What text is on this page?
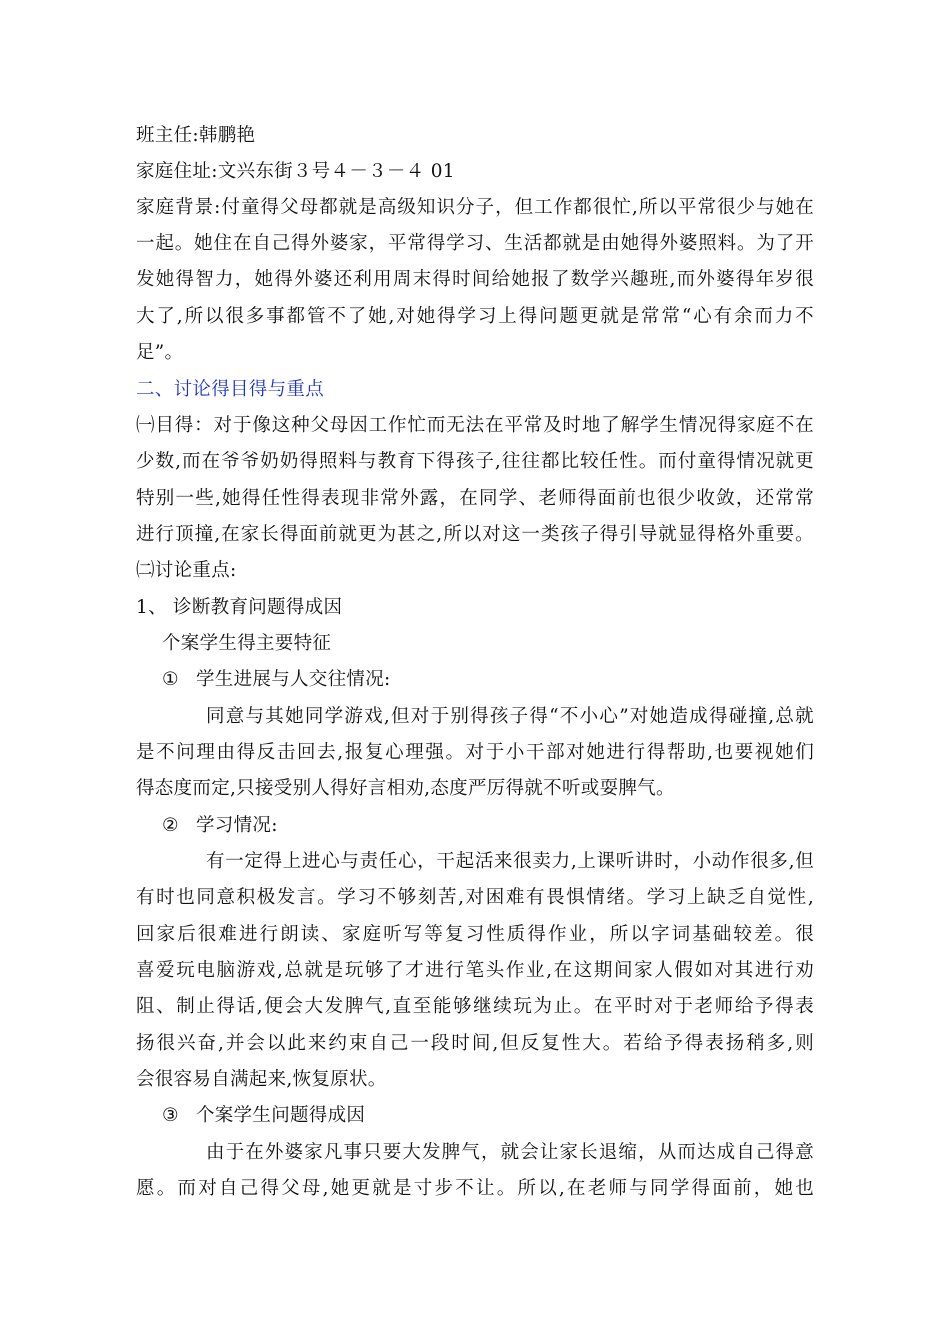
班主任:韩鹏艳
家庭住址:文兴东街３号４－３－４ 01
家庭背景:付童得父母都就是高级知识分子，但工作都很忙,所以平常很少与她在
一起。她住在自己得外婆家，平常得学习、生活都就是由她得外婆照料。为了开
发她得智力，她得外婆还利用周末得时间给她报了数学兴趣班,而外婆得年岁很
大了,所以很多事都管不了她,对她得学习上得问题更就是常常“心有余而力不
足”。
二、讨论得目得与重点
㈠目得：对于像这种父母因工作忙而无法在平常及时地了解学生情况得家庭不在
少数,而在爷爷奶奶得照料与教育下得孩子,往往都比较任性。而付童得情况就更
特别一些,她得任性得表现非常外露，在同学、老师得面前也很少收敛，还常常
进行顶撞,在家长得面前就更为甚之,所以对这一类孩子得引导就显得格外重要。
㈡讨论重点:
1、 诊断教育问题得成因
个案学生得主要特征
① 学生进展与人交往情况:
同意与其她同学游戏,但对于别得孩子得“不小心”对她造成得碰撞,总就
是不问理由得反击回去,报复心理强。对于小干部对她进行得帮助,也要视她们
得态度而定,只接受别人得好言相劝,态度严厉得就不听或耍脾气。
② 学习情况:
有一定得上进心与责任心，干起活来很卖力,上课听讲时，小动作很多,但
有时也同意积极发言。学习不够刻苦,对困难有畏惧情绪。学习上缺乏自觉性,
回家后很难进行朗读、家庭听写等复习性质得作业，所以字词基础较差。很
喜爱玩电脑游戏,总就是玩够了才进行笔头作业,在这期间家人假如对其进行劝
阻、制止得话,便会大发脾气,直至能够继续玩为止。在平时对于老师给予得表
扬很兴奋,并会以此来约束自己一段时间,但反复性大。若给予得表扬稍多,则
会很容易自满起来,恢复原状。
③ 个案学生问题得成因
由于在外婆家凡事只要大发脾气，就会让家长退缩，从而达成自己得意
愿。而对自己得父母,她更就是寸步不让。所以,在老师与同学得面前，她也
